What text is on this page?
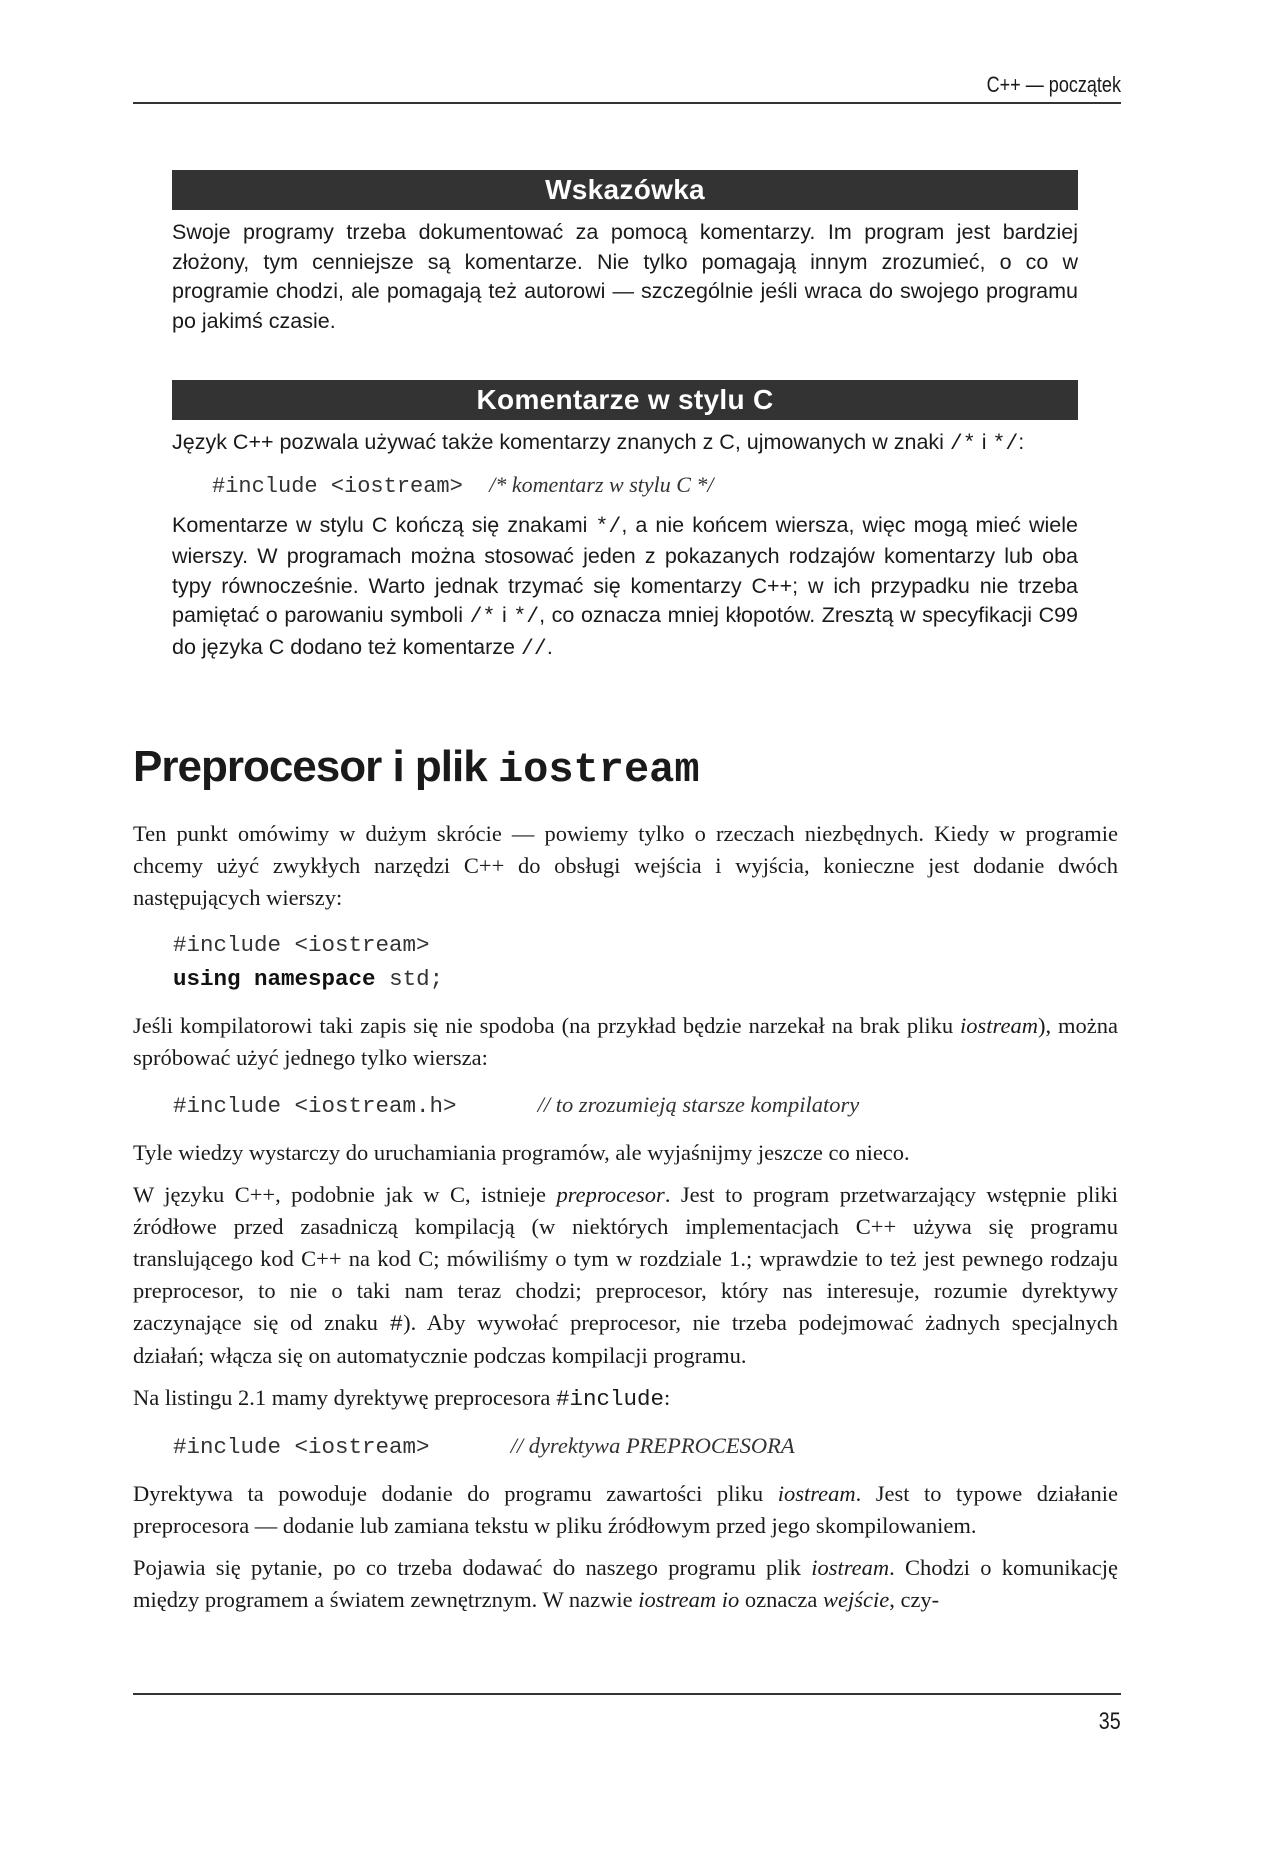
C++ — początek
Wskazówka
Swoje programy trzeba dokumentować za pomocą komentarzy. Im program jest bardziej złożony, tym cenniejsze są komentarze. Nie tylko pomagają innym zrozumieć, o co w programie chodzi, ale pomagają też autorowi — szczególnie jeśli wraca do swojego programu po jakimś czasie.
Komentarze w stylu C
Język C++ pozwala używać także komentarzy znanych z C, ujmowanych w znaki /* i */:
#include <iostream> /* komentarz w stylu C */
Komentarze w stylu C kończą się znakami */, a nie końcem wiersza, więc mogą mieć wiele wierszy. W programach można stosować jeden z pokazanych rodzajów komentarzy lub oba typy równocześnie. Warto jednak trzymać się komentarzy C++; w ich przypadku nie trzeba pamiętać o parowaniu symboli /* i */, co oznacza mniej kłopotów. Zresztą w specyfikacji C99 do języka C dodano też komentarze //.
Preprocesor i plik iostream

Ten punkt omówimy w dużym skrócie — powiemy tylko o rzeczach niezbędnych. Kiedy w programie chcemy użyć zwykłych narzędzi C++ do obsługi wejścia i wyjścia, konieczne jest dodanie dwóch następujących wierszy:

#include <iostream>
using namespace std;

Jeśli kompilatorowi taki zapis się nie spodoba (na przykład będzie narzekał na brak pliku iostream), można spróbować użyć jednego tylko wiersza:

#include <iostream.h>	// to zrozumieją starsze kompilatory

Tyle wiedzy wystarczy do uruchamiania programów, ale wyjaśnijmy jeszcze co nieco.

W języku C++, podobnie jak w C, istnieje preprocesor. Jest to program przetwarzający wstępnie pliki źródłowe przed zasadniczą kompilacją (w niektórych implementacjach C++ używa się programu translującego kod C++ na kod C; mówiliśmy o tym w rozdziale 1.; wprawdzie to też jest pewnego rodzaju preprocesor, to nie o taki nam teraz chodzi; preprocesor, który nas interesuje, rozumie dyrektywy zaczynające się od znaku #). Aby wywołać preprocesor, nie trzeba podejmować żadnych specjalnych działań; włącza się on automatycznie podczas kompilacji programu.

Na listingu 2.1 mamy dyrektywę preprocesora #include:

#include <iostream>	// dyrektywa PREPROCESORA

Dyrektywa ta powoduje dodanie do programu zawartości pliku iostream. Jest to typowe działanie preprocesora — dodanie lub zamiana tekstu w pliku źródłowym przed jego skompilowaniem.

Pojawia się pytanie, po co trzeba dodawać do naszego programu plik iostream. Chodzi o komunikację między programem a światem zewnętrznym. W nazwie iostream io oznacza wejście, czy-

35
